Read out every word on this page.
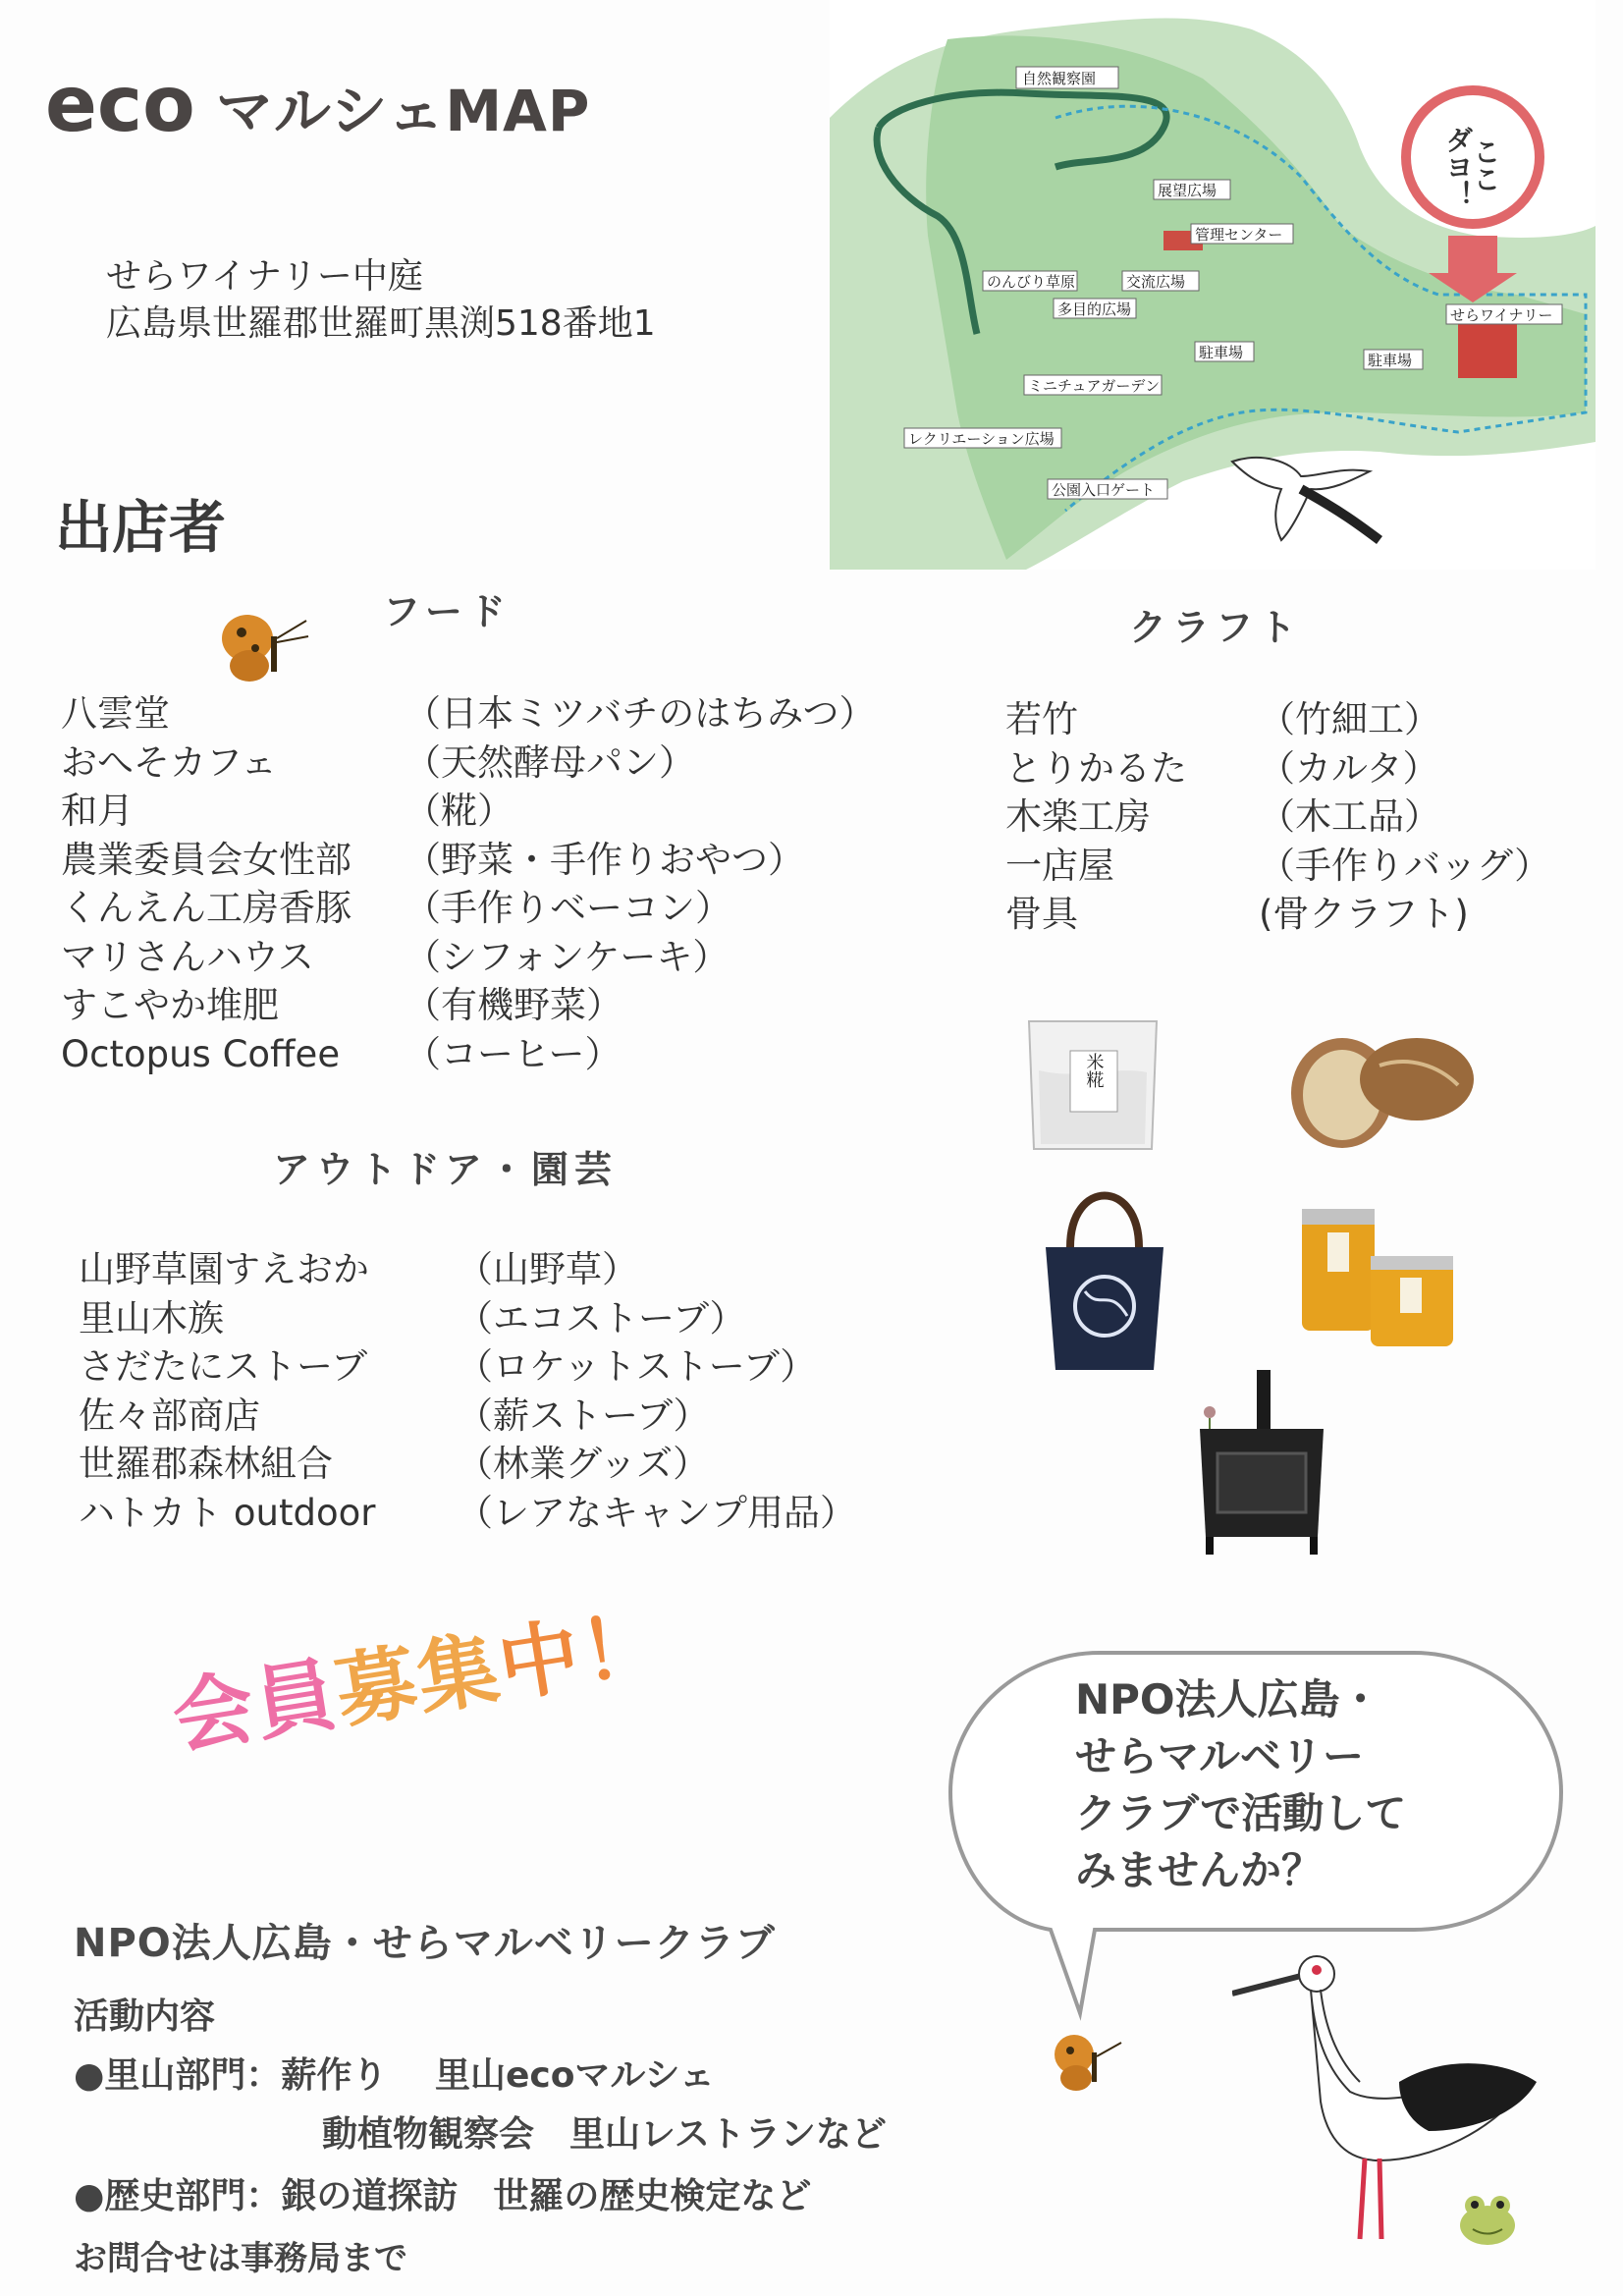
eco マルシェMAP
せらワイナリー中庭
広島県世羅郡世羅町黒渕518番地1
ここ
ダヨ！
自然観察園
展望広場
管理センター
のんびり草原	交流広場
多目的広場
駐車場
ミニチュアガーデン
レクリエーション広場
公園入口ゲート
せらワイナリー
駐車場
出店者
フード
八雲堂	（日本ミツバチのはちみつ）
おへそカフェ	（天然酵母パン）
和月	（糀）
農業委員会女性部	（野菜・手作りおやつ）
くんえん工房香豚	（手作りベーコン）
マリさんハウス	（シフォンケーキ）
すこやか堆肥	（有機野菜）
Octopus Coffee	（コーヒー）
クラフト
若竹	（竹細工）
とりかるた	（カルタ）
木楽工房	（木工品）
一店屋	（手作りバッグ）
骨具	(骨クラフト)
アウトドア・園芸
山野草園すえおか	（山野草）
里山木族	（エコストーブ）
さだたにストーブ	（ロケットストーブ）
佐々部商店	（薪ストーブ）
世羅郡森林組合	（林業グッズ）
ハトカト outdoor	（レアなキャンプ用品）
米糀
会員募集中！	NPO法人広島・
せらマルベリー
クラブで活動して
みませんか？
NPO法人広島・せらマルベリークラブ
活動内容
●里山部門：薪作り　 里山ecoマルシェ
動植物観察会　里山レストランなど
●歴史部門：銀の道探訪　世羅の歴史検定など
お問合せは事務局まで
